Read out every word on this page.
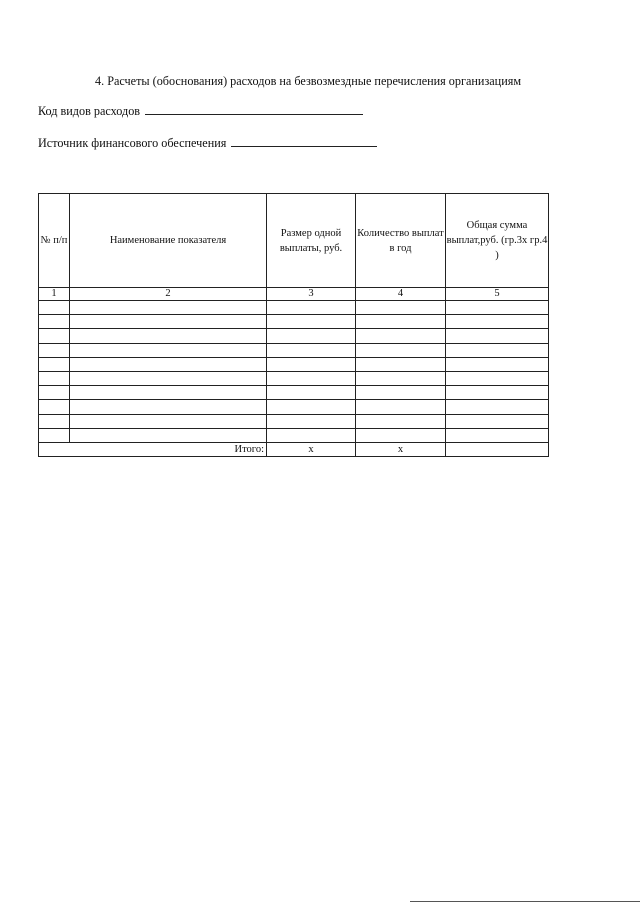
4. Расчеты (обоснования) расходов на безвозмездные перечисления организациям
Код видов расходов
Источник финансового обеспечения
№ п/п	Наименование показателя	Размер одной выплаты, руб.	Количество выплат в год	Общая сумма выплат,руб. (гр.3х гр.4 )
1	2	3	4	5

Итого:		х	х	
